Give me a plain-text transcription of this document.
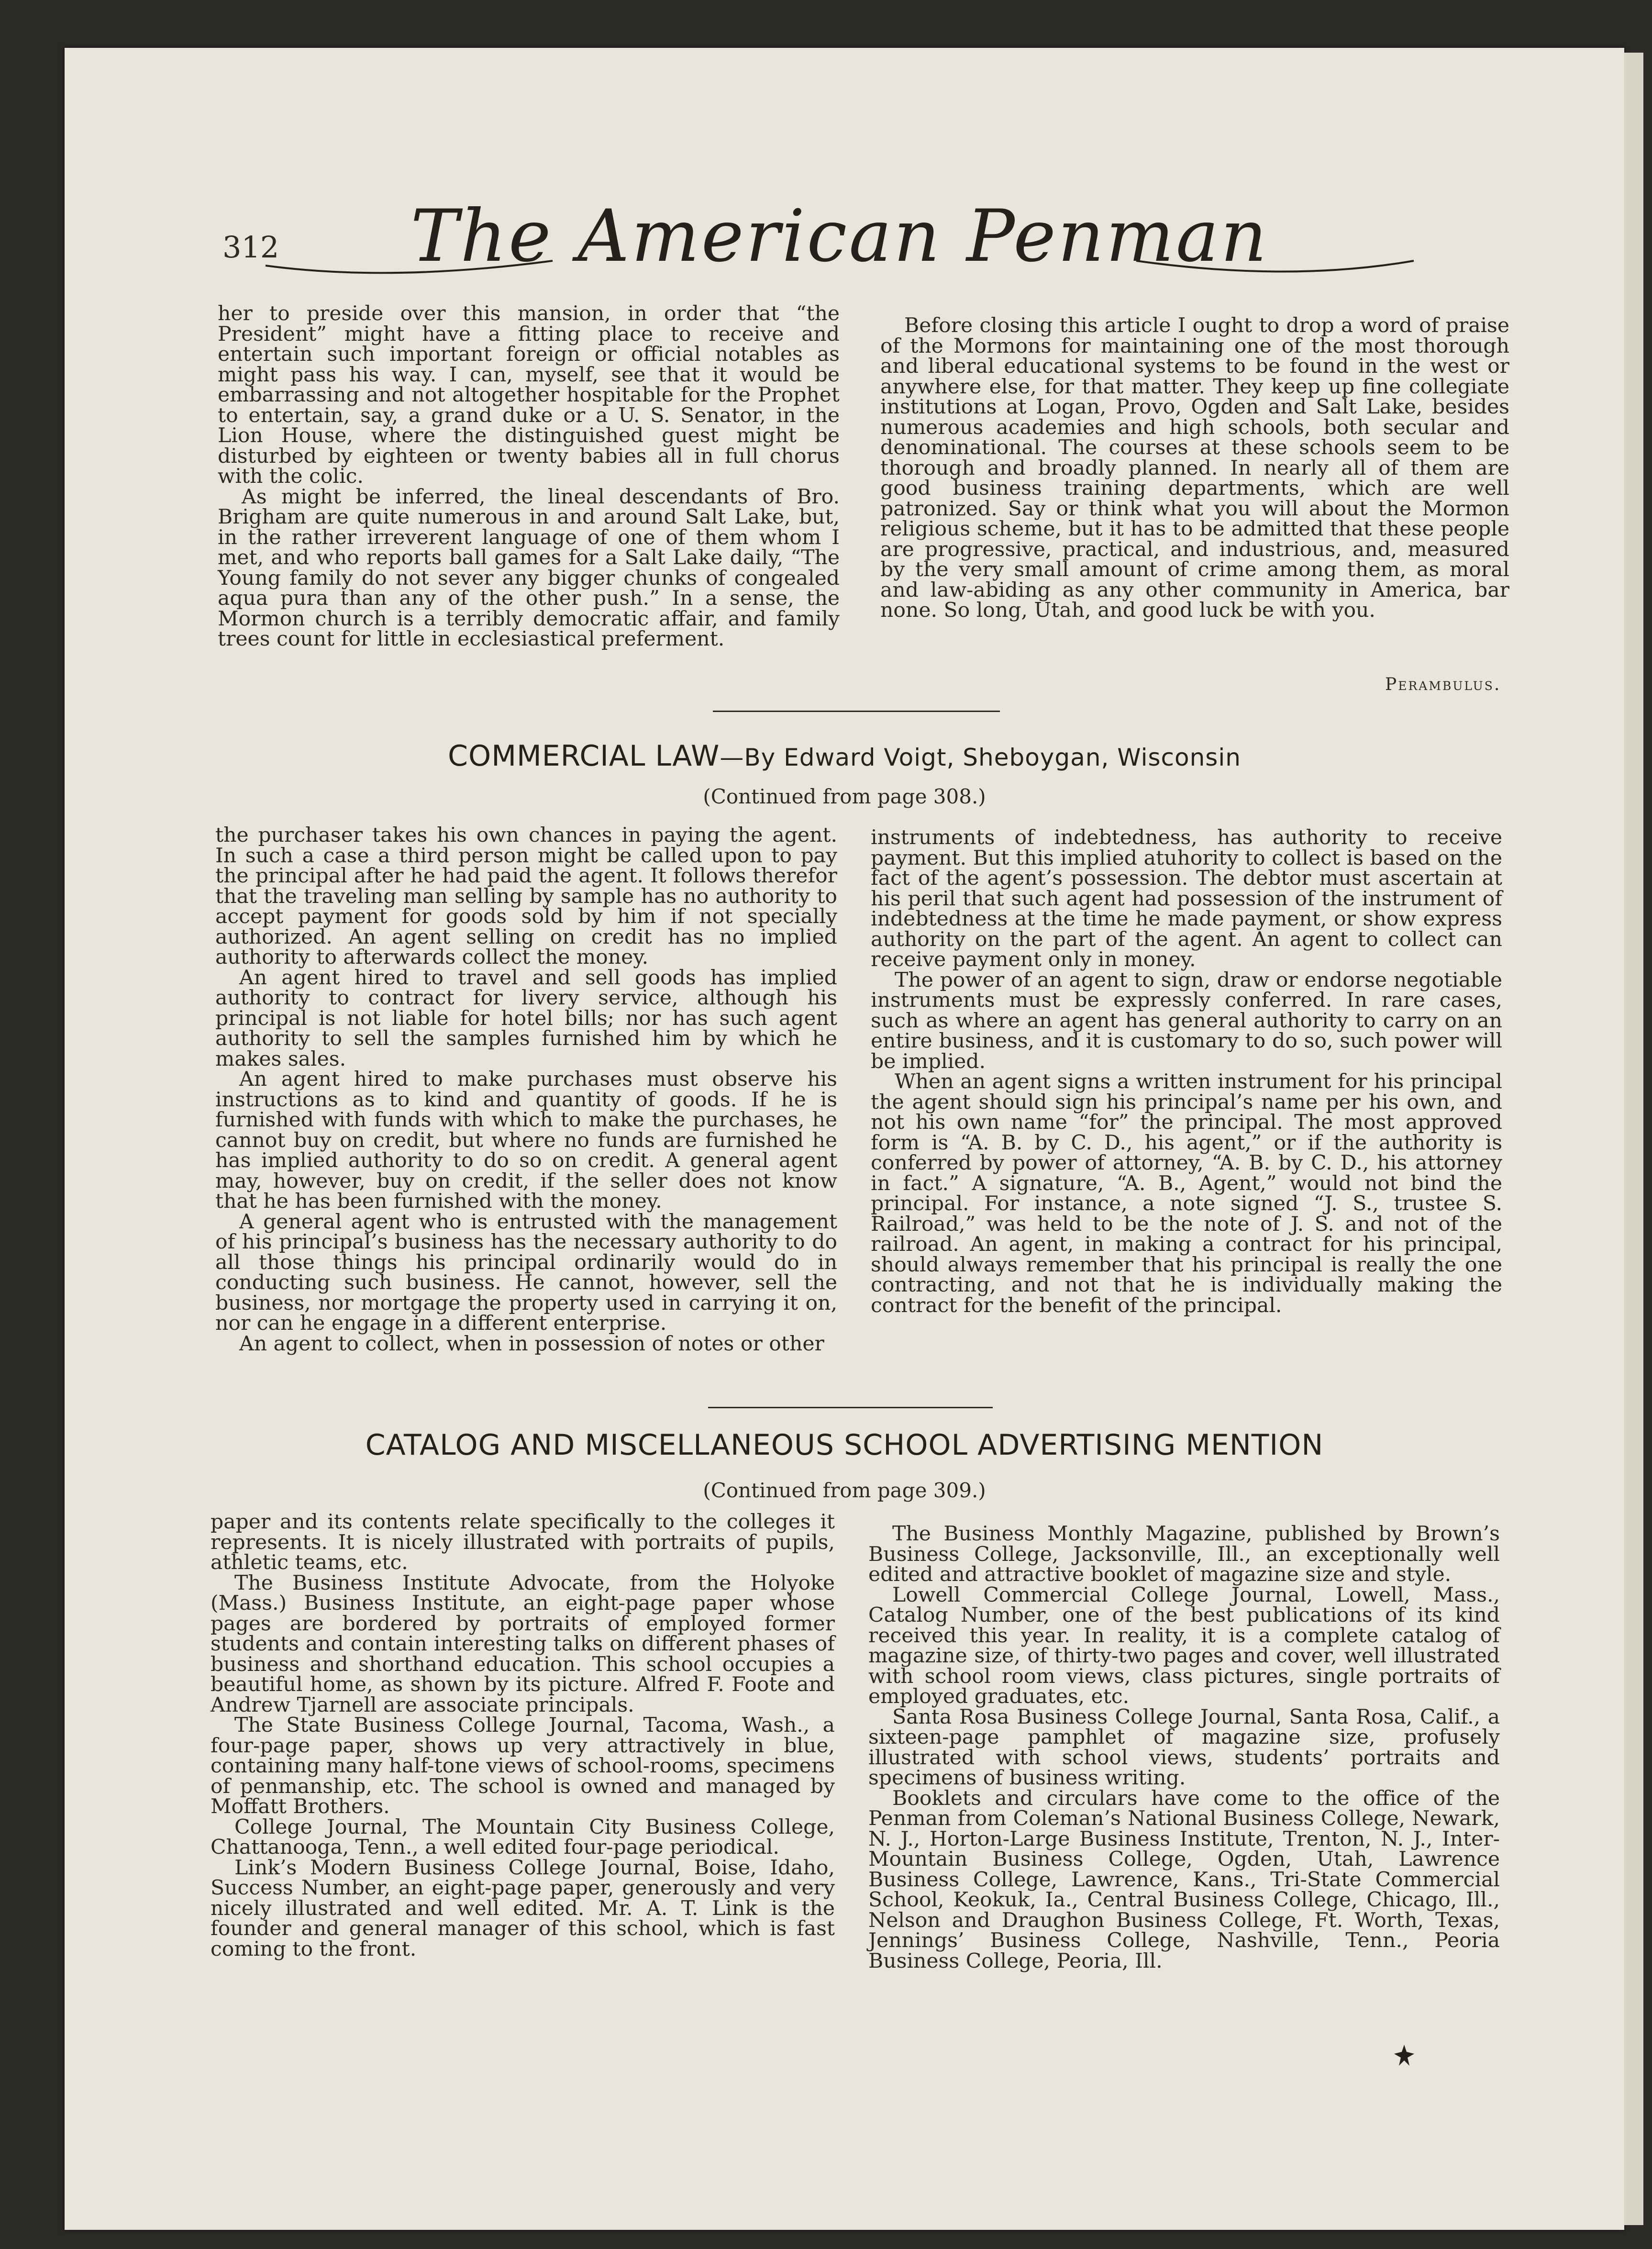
312 The American Penman

her to preside over this mansion, in order that “the President” might have a fitting place to receive and entertain such important foreign or official notables as might pass his way. I can, myself, see that it would be embarrassing and not altogether hospitable for the Prophet to entertain, say, a grand duke or a U. S. Senator, in the Lion House, where the distinguished guest might be disturbed by eighteen or twenty babies all in full chorus with the colic.

As might be inferred, the lineal descendants of Bro. Brigham are quite numerous in and around Salt Lake, but, in the rather irreverent language of one of them whom I met, and who reports ball games for a Salt Lake daily, “The Young family do not sever any bigger chunks of congealed aqua pura than any of the other push.” In a sense, the Mormon church is a terribly democratic affair, and family trees count for little in ecclesiastical preferment.

Before closing this article I ought to drop a word of praise of the Mormons for maintaining one of the most thorough and liberal educational systems to be found in the west or anywhere else, for that matter. They keep up fine collegiate institutions at Logan, Provo, Ogden and Salt Lake, besides numerous academies and high schools, both secular and denominational. The courses at these schools seem to be thorough and broadly planned. In nearly all of them are good business training departments, which are well patronized. Say or think what you will about the Mormon religious scheme, but it has to be admitted that these people are progressive, practical, and industrious, and, measured by the very small amount of crime among them, as moral and law-abiding as any other community in America, bar none. So long, Utah, and good luck be with you.

Perambulus.
COMMERCIAL LAW—By Edward Voigt, Sheboygan, Wisconsin
(Continued from page 308.)

the purchaser takes his own chances in paying the agent. In such a case a third person might be called upon to pay the principal after he had paid the agent. It follows therefor that the traveling man selling by sample has no authority to accept payment for goods sold by him if not specially authorized. An agent selling on credit has no implied authority to afterwards collect the money.

An agent hired to travel and sell goods has implied authority to contract for livery service, although his principal is not liable for hotel bills; nor has such agent authority to sell the samples furnished him by which he makes sales.

An agent hired to make purchases must observe his instructions as to kind and quantity of goods. If he is furnished with funds with which to make the purchases, he cannot buy on credit, but where no funds are furnished he has implied authority to do so on credit. A general agent may, however, buy on credit, if the seller does not know that he has been furnished with the money.

A general agent who is entrusted with the management of his principal’s business has the necessary authority to do all those things his principal ordinarily would do in conducting such business. He cannot, however, sell the business, nor mortgage the property used in carrying it on, nor can he engage in a different enterprise.

An agent to collect, when in possession of notes or other

instruments of indebtedness, has authority to receive payment. But this implied atuhority to collect is based on the fact of the agent’s possession. The debtor must ascertain at his peril that such agent had possession of the instrument of indebtedness at the time he made payment, or show express authority on the part of the agent. An agent to collect can receive payment only in money.

The power of an agent to sign, draw or endorse negotiable instruments must be expressly conferred. In rare cases, such as where an agent has general authority to carry on an entire business, and it is customary to do so, such power will be implied.

When an agent signs a written instrument for his principal the agent should sign his principal’s name per his own, and not his own name “for” the principal. The most approved form is “A. B. by C. D., his agent,” or if the authority is conferred by power of attorney, “A. B. by C. D., his attorney in fact.” A signature, “A. B., Agent,” would not bind the principal. For instance, a note signed “J. S., trustee S. Railroad,” was held to be the note of J. S. and not of the railroad. An agent, in making a contract for his principal, should always remember that his principal is really the one contracting, and not that he is individually making the contract for the benefit of the principal.

CATALOG AND MISCELLANEOUS SCHOOL ADVERTISING MENTION
(Continued from page 309.)

paper and its contents relate specifically to the colleges it represents. It is nicely illustrated with portraits of pupils, athletic teams, etc.

The Business Institute Advocate, from the Holyoke (Mass.) Business Institute, an eight-page paper whose pages are bordered by portraits of employed former students and contain interesting talks on different phases of business and shorthand education. This school occupies a beautiful home, as shown by its picture. Alfred F. Foote and Andrew Tjarnell are associate principals.

The State Business College Journal, Tacoma, Wash., a four-page paper, shows up very attractively in blue, containing many half-tone views of school-rooms, specimens of penmanship, etc. The school is owned and managed by Moffatt Brothers.

College Journal, The Mountain City Business College, Chattanooga, Tenn., a well edited four-page periodical.

Link’s Modern Business College Journal, Boise, Idaho, Success Number, an eight-page paper, generously and very nicely illustrated and well edited. Mr. A. T. Link is the founder and general manager of this school, which is fast coming to the front.

The Business Monthly Magazine, published by Brown’s Business College, Jacksonville, Ill., an exceptionally well edited and attractive booklet of magazine size and style.

Lowell Commercial College Journal, Lowell, Mass., Catalog Number, one of the best publications of its kind received this year. In reality, it is a complete catalog of magazine size, of thirty-two pages and cover, well illustrated with school room views, class pictures, single portraits of employed graduates, etc.

Santa Rosa Business College Journal, Santa Rosa, Calif., a sixteen-page pamphlet of magazine size, profusely illustrated with school views, students’ portraits and specimens of business writing.

Booklets and circulars have come to the office of the Penman from Coleman’s National Business College, Newark, N. J., Horton-Large Business Institute, Trenton, N. J., Inter-Mountain Business College, Ogden, Utah, Lawrence Business College, Lawrence, Kans., Tri-State Commercial School, Keokuk, Ia., Central Business College, Chicago, Ill., Nelson and Draughon Business College, Ft. Worth, Texas, Jennings’ Business College, Nashville, Tenn., Peoria Business College, Peoria, Ill.
